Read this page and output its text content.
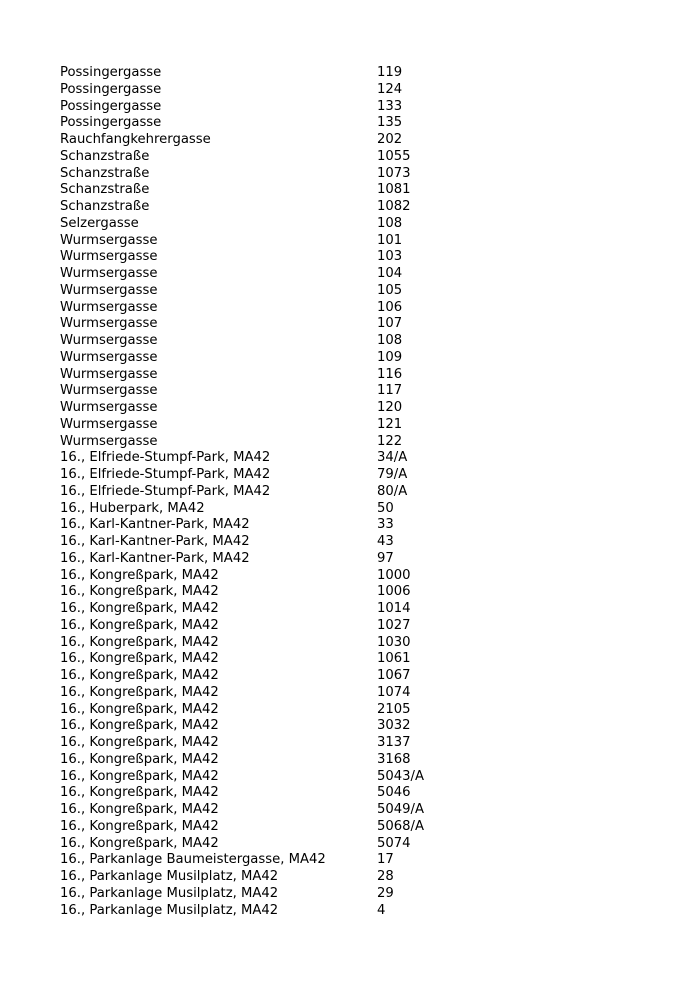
Possingergasse	119
Possingergasse	124
Possingergasse	133
Possingergasse	135
Rauchfangkehrergasse	202
Schanzstraße	1055
Schanzstraße	1073
Schanzstraße	1081
Schanzstraße	1082
Selzergasse	108
Wurmsergasse	101
Wurmsergasse	103
Wurmsergasse	104
Wurmsergasse	105
Wurmsergasse	106
Wurmsergasse	107
Wurmsergasse	108
Wurmsergasse	109
Wurmsergasse	116
Wurmsergasse	117
Wurmsergasse	120
Wurmsergasse	121
Wurmsergasse	122
16., Elfriede-Stumpf-Park, MA42	34/A
16., Elfriede-Stumpf-Park, MA42	79/A
16., Elfriede-Stumpf-Park, MA42	80/A
16., Huberpark, MA42	50
16., Karl-Kantner-Park, MA42	33
16., Karl-Kantner-Park, MA42	43
16., Karl-Kantner-Park, MA42	97
16., Kongreßpark, MA42	1000
16., Kongreßpark, MA42	1006
16., Kongreßpark, MA42	1014
16., Kongreßpark, MA42	1027
16., Kongreßpark, MA42	1030
16., Kongreßpark, MA42	1061
16., Kongreßpark, MA42	1067
16., Kongreßpark, MA42	1074
16., Kongreßpark, MA42	2105
16., Kongreßpark, MA42	3032
16., Kongreßpark, MA42	3137
16., Kongreßpark, MA42	3168
16., Kongreßpark, MA42	5043/A
16., Kongreßpark, MA42	5046
16., Kongreßpark, MA42	5049/A
16., Kongreßpark, MA42	5068/A
16., Kongreßpark, MA42	5074
16., Parkanlage Baumeistergasse, MA42	17
16., Parkanlage Musilplatz, MA42	28
16., Parkanlage Musilplatz, MA42	29
16., Parkanlage Musilplatz, MA42	4
